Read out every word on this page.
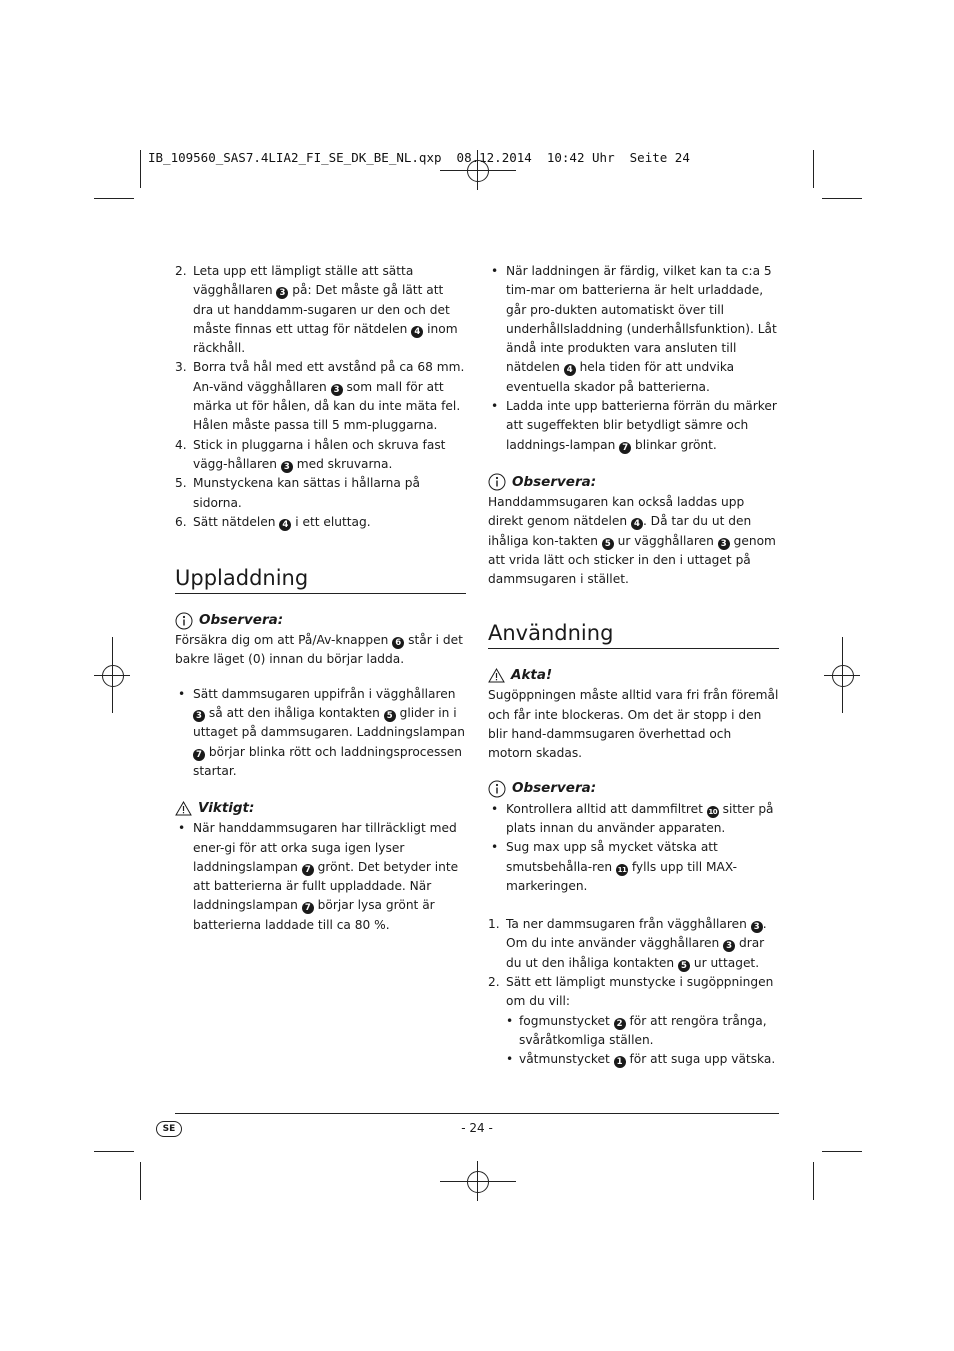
IB_109560_SAS7.4LIA2_FI_SE_DK_BE_NL.qxp  08.12.2014  10:42 Uhr  Seite 24
2. Leta upp ett lämpligt ställe att sätta vägghållaren 3 på: Det måste gå lätt att dra ut handdamm-sugaren ur den och det måste finnas ett uttag för nätdelen 4 inom räckhåll.
3. Borra två hål med ett avstånd på ca 68 mm. An-vänd vägghållaren 3 som mall för att märka ut för hålen, då kan du inte mäta fel. Hålen måste passa till 5 mm-pluggarna.
4. Stick in pluggarna i hålen och skruva fast vägg-hållaren 3 med skruvarna.
5. Munstyckena kan sättas i hållarna på sidorna.
6. Sätt nätdelen 4 i ett eluttag.
Uppladdning
Observera:

Försäkra dig om att På/Av-knappen 6 står i det bakre läget (0) innan du börjar ladda.

• Sätt dammsugaren uppifrån i vägghållaren 3 så att den ihåliga kontakten 5 glider in i uttaget på dammsugaren. Laddningslampan 7 börjar blinka rött och laddningsprocessen startar.
Viktigt:
• När handdammsugaren har tillräckligt med ener-gi för att orka suga igen lyser laddningslampan 7 grönt. Det betyder inte att batterierna är fullt uppladdade. När laddningslampan 7 börjar lysa grönt är batterierna laddade till ca 80 %.
• När laddningen är färdig, vilket kan ta c:a 5 tim-mar om batterierna är helt urladdade, går pro-dukten automatiskt över till underhållsladdning (underhållsfunktion). Låt ändå inte produkten vara ansluten till nätdelen 4 hela tiden för att undvika eventuella skador på batterierna.
• Ladda inte upp batterierna förrän du märker att sugeffekten blir betydligt sämre och laddnings-lampan 7 blinkar grönt.
Observera:

Handdammsugaren kan också laddas upp direkt genom nätdelen 4 . Då tar du ut den ihåliga kon-takten 5 ur vägghållaren 3 genom att vrida lätt och sticker in den i uttaget på dammsugaren i stället.

Användning
Akta!

Sugöppningen måste alltid vara fri från föremål och får inte blockeras. Om det är stopp i den blir hand-dammsugaren överhettad och motorn skadas.

Observera:
• Kontrollera alltid att dammfiltret 10 sitter på plats innan du använder apparaten.
• Sug max upp så mycket vätska att smutsbehålla-ren 11 fylls upp till MAX-markeringen.
1. Ta ner dammsugaren från vägghållaren 3 . Om du inte använder vägghållaren 3 drar du ut den ihåliga kontakten 5 ur uttaget.
2. Sätt ett lämpligt munstycke i sugöppningen om du vill:
• fogmunstycket 2 för att rengöra trånga, svåråtkomliga ställen.
• våtmunstycket 1 för att suga upp vätska.
SE	- 24 -
